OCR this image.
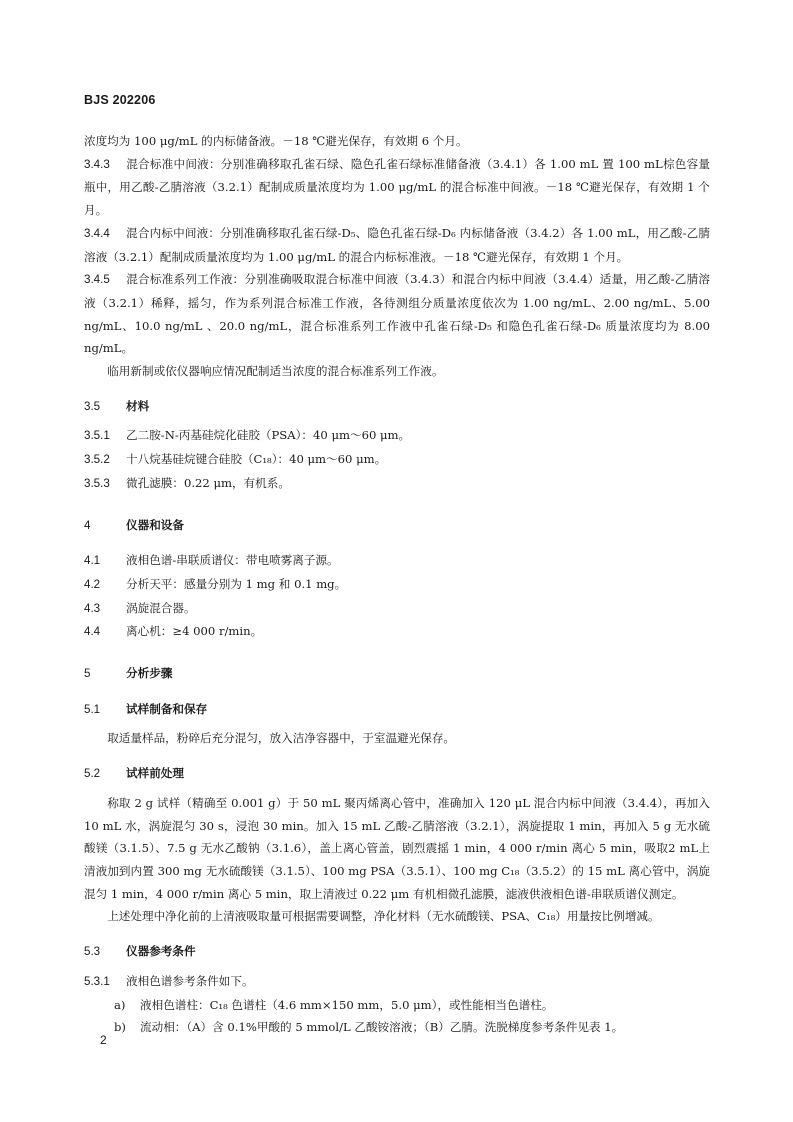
BJS 202206
浓度均为 100 μg/mL 的内标储备液。－18 ℃避光保存，有效期 6 个月。
3.4.3 混合标准中间液：分别准确移取孔雀石绿、隐色孔雀石绿标准储备液（3.4.1）各 1.00 mL 置 100 mL棕色容量瓶中，用乙酸-乙腈溶液（3.2.1）配制成质量浓度均为 1.00 μg/mL 的混合标准中间液。－18 ℃避光保存，有效期 1 个月。
3.4.4 混合内标中间液：分别准确移取孔雀石绿-D₅、隐色孔雀石绿-D₆ 内标储备液（3.4.2）各 1.00 mL，用乙酸-乙腈溶液（3.2.1）配制成质量浓度均为 1.00 μg/mL 的混合内标标准液。－18 ℃避光保存，有效期 1 个月。
3.4.5 混合标准系列工作液：分别准确吸取混合标准中间液（3.4.3）和混合内标中间液（3.4.4）适量，用乙酸-乙腈溶液（3.2.1）稀释，摇匀，作为系列混合标准工作液，各待测组分质量浓度依次为 1.00 ng/mL、2.00 ng/mL、5.00 ng/mL、10.0 ng/mL 、20.0 ng/mL，混合标准系列工作液中孔雀石绿-D₅ 和隐色孔雀石绿-D₆ 质量浓度均为 8.00 ng/mL。
临用新制或依仪器响应情况配制适当浓度的混合标准系列工作液。
3.5 材料
3.5.1 乙二胺-N-丙基硅烷化硅胶（PSA）：40 μm～60 μm。
3.5.2 十八烷基硅烷键合硅胶（C₁₈）：40 μm～60 μm。
3.5.3 微孔滤膜：0.22 μm，有机系。
4	仪器和设备
4.1 液相色谱-串联质谱仪：带电喷雾离子源。
4.2 分析天平：感量分别为 1 mg 和 0.1 mg。
4.3 涡旋混合器。
4.4 离心机：≥4 000 r/min。
5	分析步骤
5.1 试样制备和保存
取适量样品，粉碎后充分混匀，放入洁净容器中，于室温避光保存。
5.2 试样前处理
称取 2 g 试样（精确至 0.001 g）于 50 mL 聚丙烯离心管中，准确加入 120 μL 混合内标中间液（3.4.4），再加入 10 mL 水，涡旋混匀 30 s，浸泡 30 min。加入 15 mL 乙酸-乙腈溶液（3.2.1），涡旋提取 1 min，再加入 5 g 无水硫酸镁（3.1.5）、7.5 g 无水乙酸钠（3.1.6），盖上离心管盖，剧烈震摇 1 min，4 000 r/min 离心 5 min，吸取2 mL上清液加到内置 300 mg 无水硫酸镁（3.1.5）、100 mg PSA（3.5.1）、100 mg C₁₈（3.5.2）的 15 mL 离心管中，涡旋混匀 1 min，4 000 r/min 离心 5 min，取上清液过 0.22 μm 有机相微孔滤膜，滤液供液相色谱-串联质谱仪测定。
上述处理中净化前的上清液吸取量可根据需要调整，净化材料（无水硫酸镁、PSA、C₁₈）用量按比例增减。
5.3 仪器参考条件
5.3.1 液相色谱参考条件如下。
a) 液相色谱柱：C₁₈ 色谱柱（4.6 mm×150 mm，5.0 μm），或性能相当色谱柱。
b) 流动相：（A）含 0.1%甲酸的 5 mmol/L 乙酸铵溶液；（B）乙腈。洗脱梯度参考条件见表 1。
2
